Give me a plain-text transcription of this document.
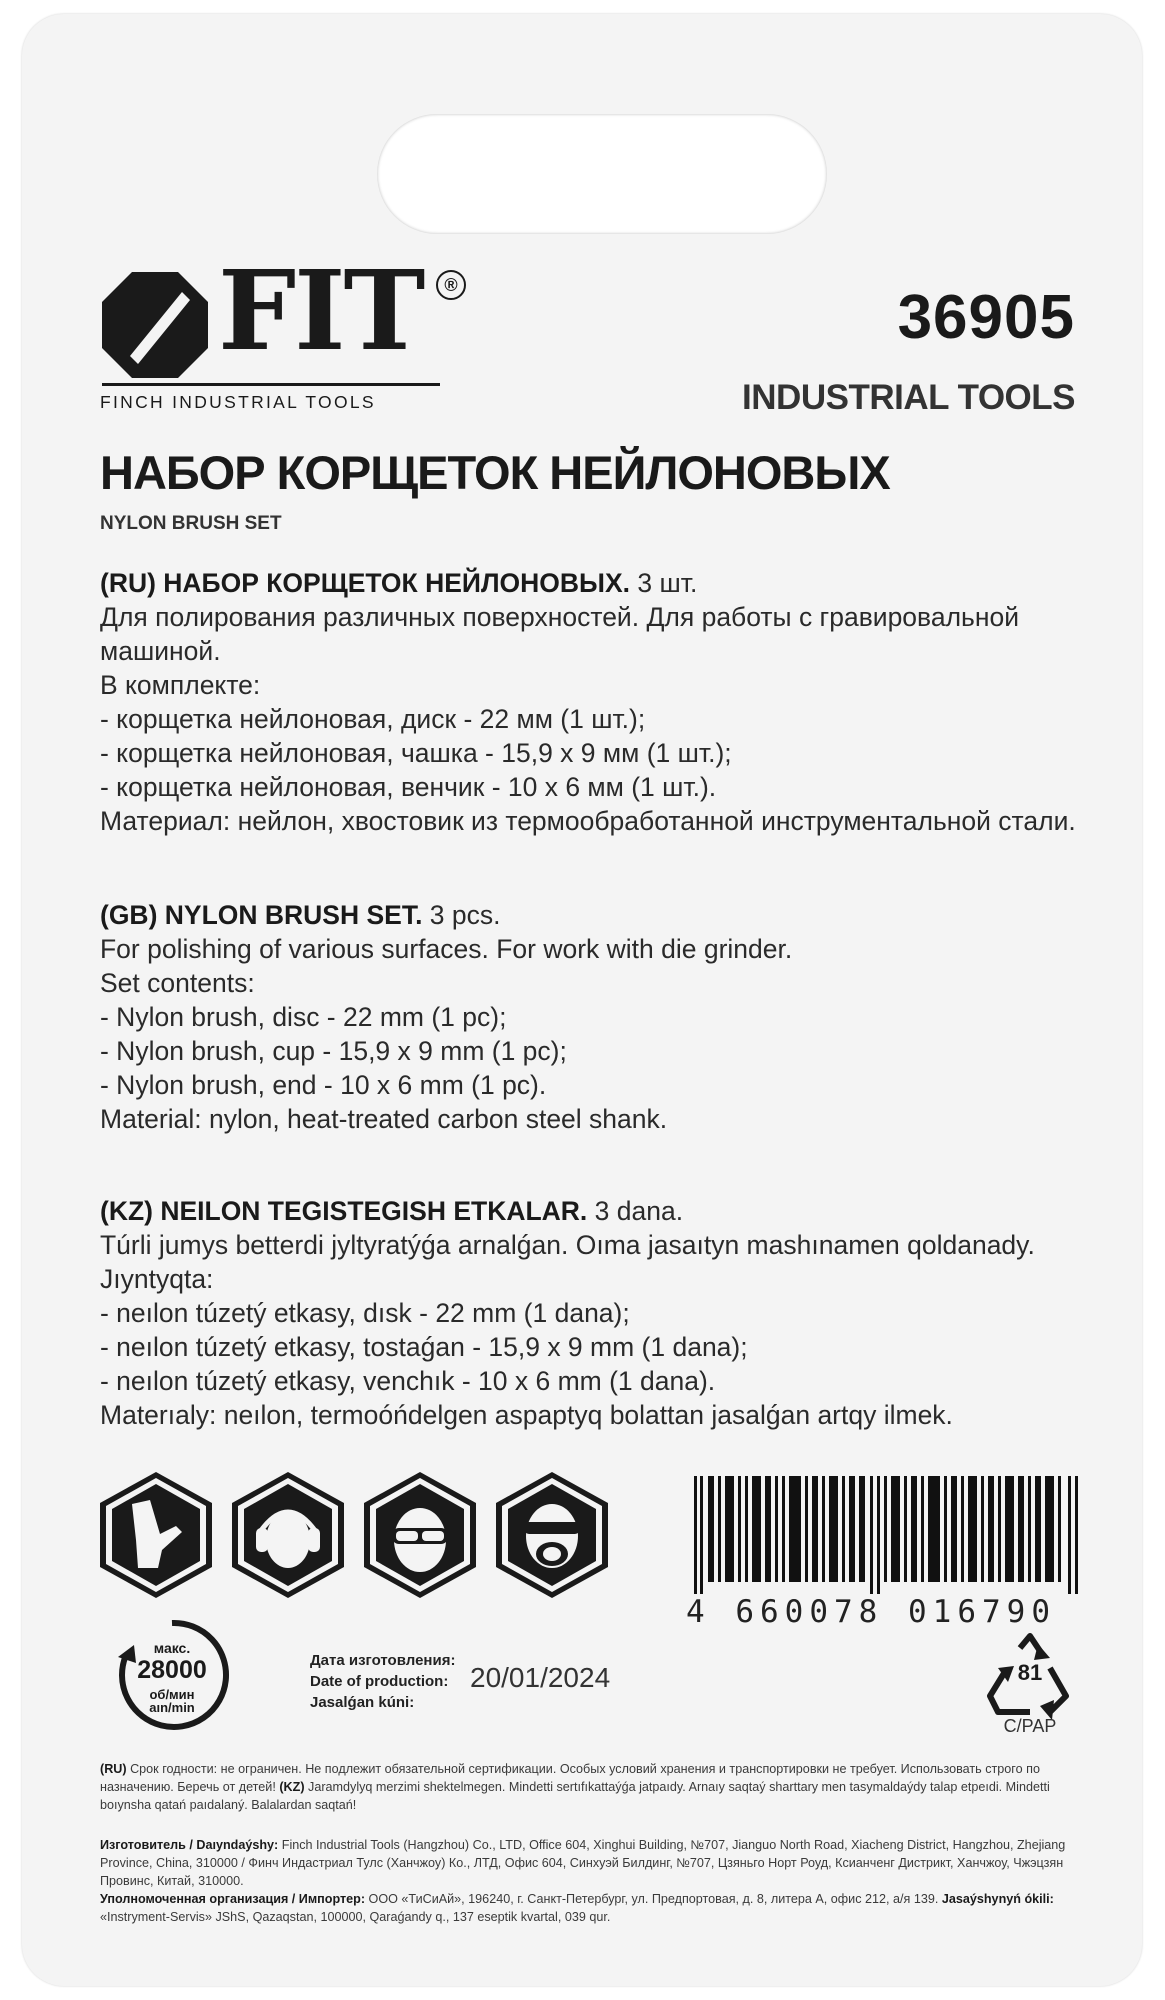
FIT	®
FINCH INDUSTRIAL TOOLS
36905
INDUSTRIAL TOOLS
НАБОР КОРЩЕТОК НЕЙЛОНОВЫХ
NYLON BRUSH SET

(RU) НАБОР КОРЩЕТОК НЕЙЛОНОВЫХ. 3 шт.

Для полирования различных поверхностей. Для работы с гравировальной машиной.

В комплекте:

- корщетка нейлоновая, диск - 22 мм (1 шт.);

- корщетка нейлоновая, чашка - 15,9 х 9 мм (1 шт.);

- корщетка нейлоновая, венчик - 10 х 6 мм (1 шт.).

Материал: нейлон, хвостовик из термообработанной инструментальной стали.

(GB) NYLON BRUSH SET. 3 pcs.

For polishing of various surfaces. For work with die grinder.

Set contents:

- Nylon brush, disc - 22 mm (1 pc);

- Nylon brush, cup - 15,9 x 9 mm (1 pc);

- Nylon brush, end - 10 x 6 mm (1 pc).

Material: nylon, heat-treated carbon steel shank.

(KZ) NEILON TEGISTEGISH ETKALAR. 3 dana.

Túrli jumys betterdi jyltyratýǵa arnalǵan. Oıma jasaıtyn mashınamen qoldanady.

Jıyntyqta:

- neılon túzetý etkasy, dısk - 22 mm (1 dana);

- neılon túzetý etkasy, tostaǵan - 15,9 x 9 mm (1 dana);

- neılon túzetý etkasy, venchık - 10 x 6 mm (1 dana).

Materıaly: neılon, termoóńdelgen aspaptyq bolattan jasalǵan artqy ilmek.

4 660078 016790
макс.
28000
об/мин
aın/min
Дата изготовления:
Date of production:
Jasalǵan kúni:
20/01/2024	81
C/PAP
(RU) Срок годности: не ограничен. Не подлежит обязательной сертификации. Особых условий хранения и транспортировки не требует. Использовать строго по назначению. Беречь от детей! (KZ) Jaramdylyq merzimi shektelmegen. Mindetti sertıfıkattaýǵa jatpaıdy. Arnaıy saqtaý sharttary men tasymaldaýdy talap etpeıdi. Mindetti boıynsha qatań paıdalaný. Balalardan saqtań!
Изготовитель / Daıyndaýshy: Finch Industrial Tools (Hangzhou) Co., LTD, Office 604, Xinghui Building, №707, Jianguo North Road, Xiacheng District, Hangzhou, Zhejiang Province, China, 310000 / Финч Индастриал Тулс (Ханчжоу) Ко., ЛТД, Офис 604, Синхуэй Билдинг, №707, Цзяньго Норт Роуд, Ксианченг Дистрикт, Ханчжоу, Чжэцзян Провинс, Китай, 310000.
Уполномоченная организация / Импортер: ООО «ТиСиАй», 196240, г. Санкт-Петербург, ул. Предпортовая, д. 8, литера А, офис 212, а/я 139. Jasaýshynyń ókili: «Instryment-Servis» JShS, Qazaqstan, 100000, Qaraǵandy q., 137 eseptik kvartal, 039 qur.
